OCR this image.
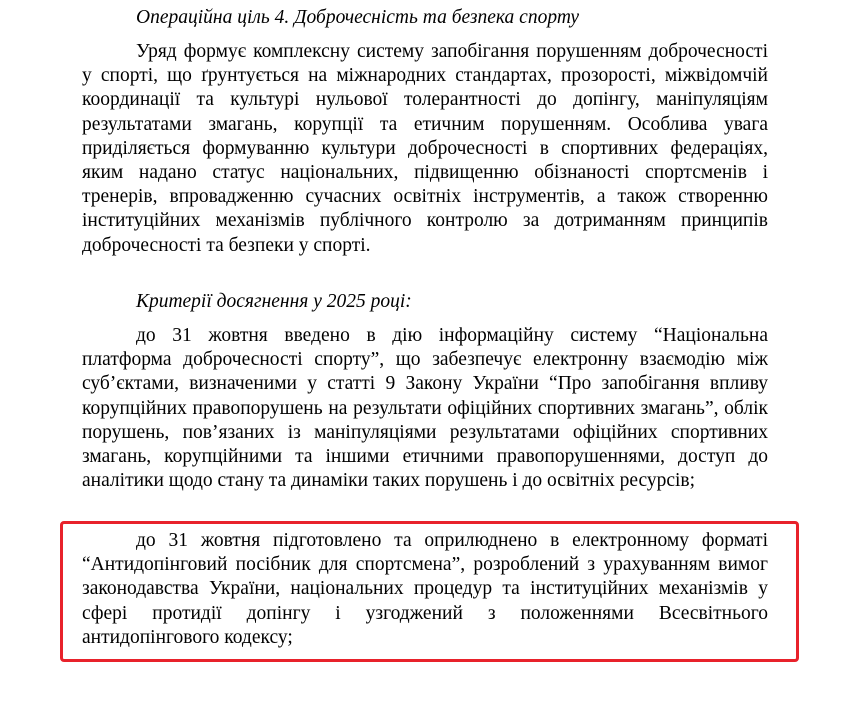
Операційна ціль 4. Доброчесність та безпека спорту

Уряд формує комплексну систему запобігання порушенням доброчесності у спорті, що ґрунтується на міжнародних стандартах, прозорості, міжвідомчій координації та культурі нульової толерантності до допінгу, маніпуляціям результатами змагань, корупції та етичним порушенням. Особлива увага приділяється формуванню культури доброчесності в спортивних федераціях, яким надано статус національних, підвищенню обізнаності спортсменів і тренерів, впровадженню сучасних освітніх інструментів, а також створенню інституційних механізмів публічного контролю за дотриманням принципів доброчесності та безпеки у спорті.

Критерії досягнення у 2025 році:

до 31 жовтня введено в дію інформаційну систему “Національна платформа доброчесності спорту”, що забезпечує електронну взаємодію між суб’єктами, визначеними у статті 9 Закону України “Про запобігання впливу корупційних правопорушень на результати офіційних спортивних змагань”, облік порушень, пов’язаних із маніпуляціями результатами офіційних спортивних змагань, корупційними та іншими етичними правопорушеннями, доступ до аналітики щодо стану та динаміки таких порушень і до освітніх ресурсів;

до 31 жовтня підготовлено та оприлюднено в електронному форматі “Антидопінговий посібник для спортсмена”, розроблений з урахуванням вимог законодавства України, національних процедур та інституційних механізмів у сфері протидії допінгу і узгоджений з положеннями Всесвітнього антидопінгового кодексу;
